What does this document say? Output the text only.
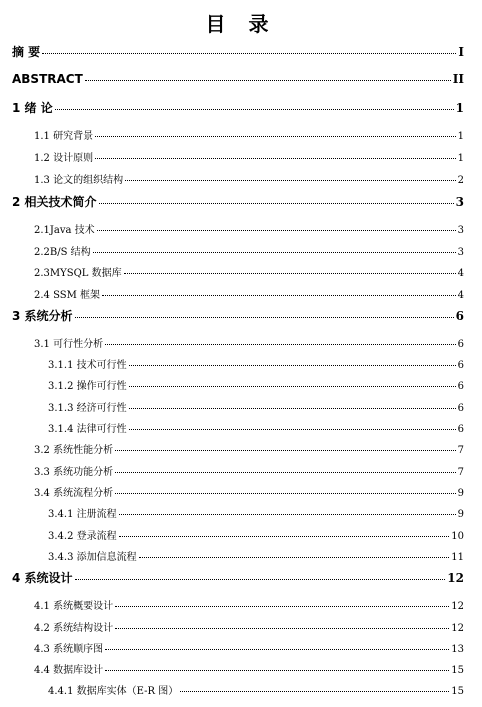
目 录
摘 要	I
ABSTRACT	II
1 绪 论	1
1.1 研究背景	1
1.2 设计原则	1
1.3 论文的组织结构	2
2 相关技术简介	3
2.1Java 技术	3
2.2B/S 结构	3
2.3MYSQL 数据库	4
2.4 SSM 框架	4
3 系统分析	6
3.1 可行性分析	6
3.1.1 技术可行性	6
3.1.2 操作可行性	6
3.1.3 经济可行性	6
3.1.4 法律可行性	6
3.2 系统性能分析	7
3.3 系统功能分析	7
3.4 系统流程分析	9
3.4.1 注册流程	9
3.4.2 登录流程	10
3.4.3 添加信息流程	11
4 系统设计	12
4.1 系统概要设计	12
4.2 系统结构设计	12
4.3 系统顺序图	13
4.4 数据库设计	15
4.4.1 数据库实体（E-R 图）	15
